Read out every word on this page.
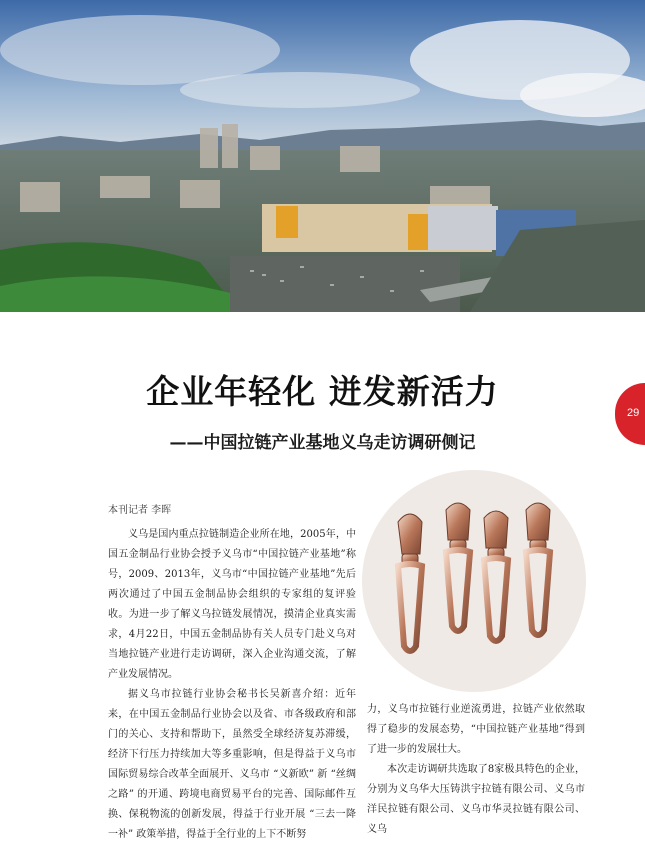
29
企业年轻化 迸发新活力
——中国拉链产业基地义乌走访调研侧记
本刊记者 李晖

义乌是国内重点拉链制造企业所在地，2005年，中国五金制品行业协会授予义乌市“中国拉链产业基地”称号，2009、2013年，义乌市“中国拉链产业基地”先后两次通过了中国五金制品协会组织的专家组的复评验收。为进一步了解义乌拉链发展情况，摸清企业真实需求，4月22日，中国五金制品协有关人员专门赴义乌对当地拉链产业进行走访调研，深入企业沟通交流，了解产业发展情况。

据义乌市拉链行业协会秘书长吴新喜介绍：近年来，在中国五金制品行业协会以及省、市各级政府和部门的关心、支持和帮助下，虽然受全球经济复苏滞缓，经济下行压力持续加大等多重影响，但是得益于义乌市国际贸易综合改革全面展开、义乌市 “义新欧” 新 “丝绸之路” 的开通、跨境电商贸易平台的完善、国际邮件互换、保税物流的创新发展，得益于行业开展 “三去一降一补” 政策举措，得益于全行业的上下不断努

力，义乌市拉链行业逆流勇进，拉链产业依然取得了稳步的发展态势，“中国拉链产业基地”得到了进一步的发展壮大。

本次走访调研共选取了8家极具特色的企业，分别为义乌华大压铸洪宇拉链有限公司、义乌市洋民拉链有限公司、义乌市华灵拉链有限公司、义乌
